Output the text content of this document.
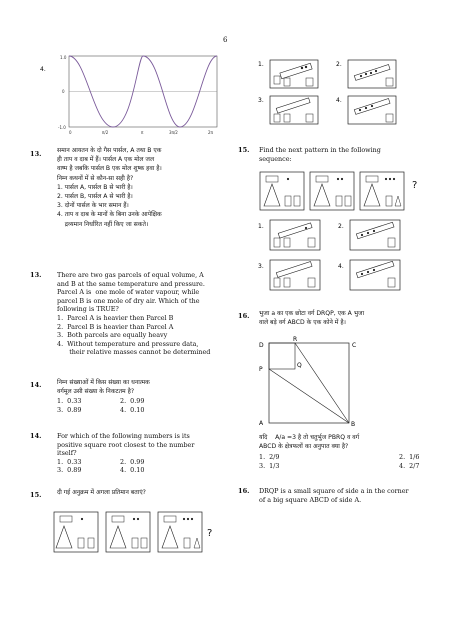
6
4.
1.0
0
-1.0
0	π/2	π	3π/2	2π
1.	2.
3.	4.
13.	समान आयतन के दो गैस पार्सल, A तथा B एक
ही ताप व दाब में हैं। पार्सल A एक मोल जल
वाष्प है जबकि पार्सल B एक मोल शुष्क हवा है।
निम्न कथनों में से कौन-सा सही है?
1. पार्सल A, पार्सल B से भारी है।
2. पार्सल B, पार्सल A से भारी है।
3. दोनों पार्सल के भार समान हैं।
4. ताप व दाब के मानों के बिना उनके आपेक्षिक
द्रव्यमान निर्धारित नहीं किए जा सकते।
13. There are two gas parcels of equal volume, A
and B at the same temperature and pressure.
Parcel A is  one mole of water vapour, while
parcel B is one mole of dry air. Which of the
following is TRUE?
1.  Parcel A is heavier then Parcel B
2.  Parcel B is heavier than Parcel A
3.  Both parcels are equally heavy
4.  Without temperature and pressure data,
their relative masses cannot be determined
14.	निम्न संख्याओं में किस संख्या का धनात्मक
वर्गमूल उसी संख्या के निकटतम है?
1.  0.33	2.  0.99
3.  0.89	4.  0.10
14. For which of the following numbers is its
positive square root closest to the number
itself?
1.  0.33	2.  0.99
3.  0.89	4.  0.10
15.	दी गई अनुक्रम में अगला प्रतिमान बताएं?
?
15. Find the next pattern in the following
sequence:
1.	2.
3.	4.
?
16. भुजा a का एक छोटा वर्ग DRQP, एक A भुजा
वाले बड़े वर्ग ABCD के एक कोने में है।
D
R
C
P
Q
A	B
यदि    A/a =3 है तो चतुर्भुज PBRQ व वर्ग
ABCD के क्षेत्रफलों का अनुपात क्या है?
1.  2/9	2.  1/6
3.  1/3	4.  2/7
16. DRQP is a small square of side a in the corner
of a big square ABCD of side A.
